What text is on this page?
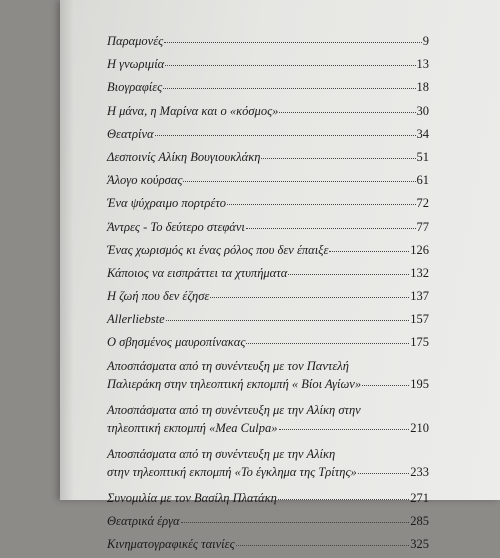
Παραμονές	9
Η γνωριμία	13
Βιογραφίες	18
Η μάνα, η Μαρίνα και ο «κόσμος»	30
Θεατρίνα	34
Δεσποινίς Αλίκη Βουγιουκλάκη	51
Άλογο κούρσας	61
Ένα ψύχραιμο πορτρέτο	72
Άντρες - Το δεύτερο στεφάνι	77
Ένας χωρισμός κι ένας ρόλος που δεν έπαιξε	126
Κάποιος να εισπράττει τα χτυπήματα	132
Η ζωή που δεν έζησε	137
Allerliebste	157
Ο σβησμένος μαυροπίνακας	175
Αποσπάσματα από τη συνέντευξη με τον Παντελή
Παλιεράκη στην τηλεοπτική εκπομπή « Βίοι Αγίων»	195
Αποσπάσματα από τη συνέντευξη με την Αλίκη στην
τηλεοπτική εκπομπή «Mea Culpa»	210
Αποσπάσματα από τη συνέντευξη με την Αλίκη
στην τηλεοπτική εκπομπή «Το έγκλημα της Τρίτης»	233
Συνομιλία με τον Βασίλη Πλατάκη	271
Θεατρικά έργα	285
Κινηματογραφικές ταινίες	325
